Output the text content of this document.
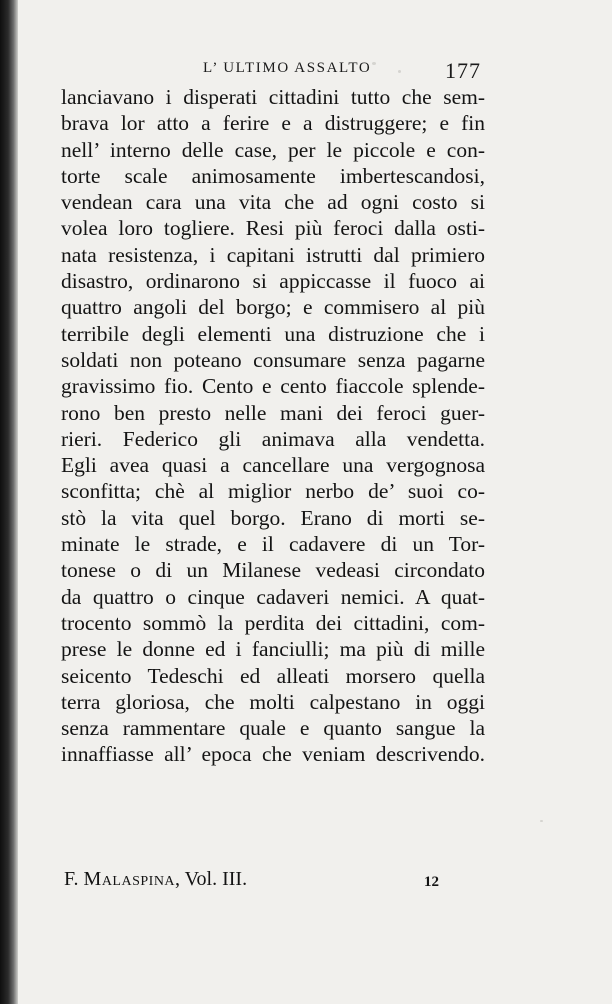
L’ ULTIMO ASSALTO	177
lanciavano i disperati cittadini tutto che sem-
brava lor atto a ferire e a distruggere; e fin
nell’ interno delle case, per le piccole e con-
torte scale animosamente imbertescandosi,
vendean cara una vita che ad ogni costo si
volea loro togliere. Resi più feroci dalla osti-
nata resistenza, i capitani istrutti dal primiero
disastro, ordinarono si appiccasse il fuoco ai
quattro angoli del borgo; e commisero al più
terribile degli elementi una distruzione che i
soldati non poteano consumare senza pagarne
gravissimo fio. Cento e cento fiaccole splende-
rono ben presto nelle mani dei feroci guer-
rieri. Federico gli animava alla vendetta.
Egli avea quasi a cancellare una vergognosa
sconfitta; chè al miglior nerbo de’ suoi co-
stò la vita quel borgo. Erano di morti se-
minate le strade, e il cadavere di un Tor-
tonese o di un Milanese vedeasi circondato
da quattro o cinque cadaveri nemici. A quat-
trocento sommò la perdita dei cittadini, com-
prese le donne ed i fanciulli; ma più di mille
seicento Tedeschi ed alleati morsero quella
terra gloriosa, che molti calpestano in oggi
senza rammentare quale e quanto sangue la
innaffiasse all’ epoca che veniam descrivendo.
F. Malaspina, Vol. III.	12
